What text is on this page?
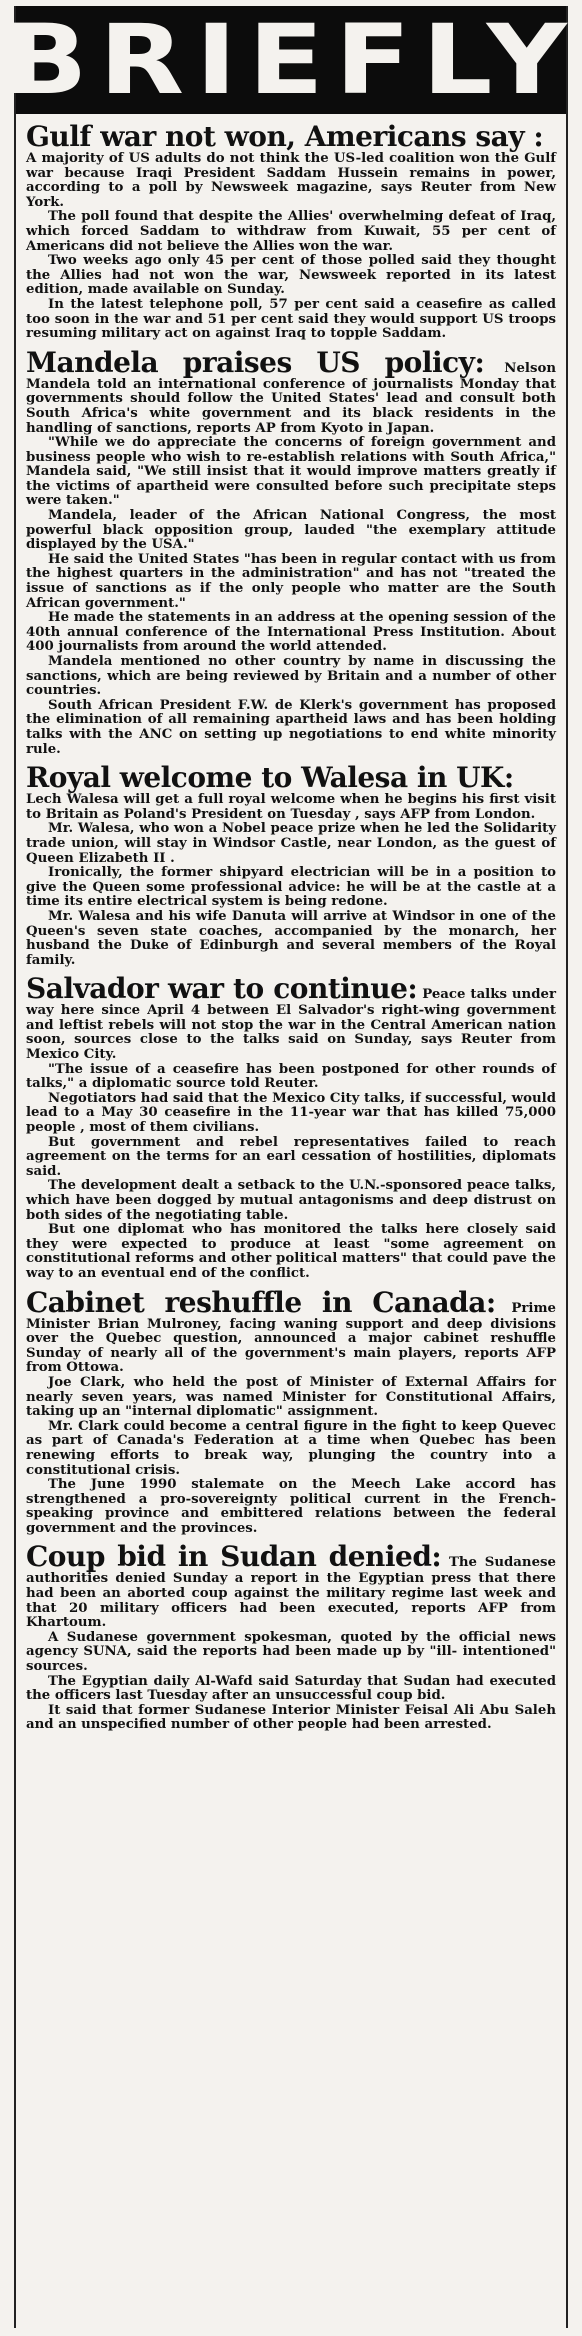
BRIEFLY

Gulf war not won, Americans say :
A majority of US adults do not think the US-led coalition won the Gulf war because Iraqi President Saddam Hussein remains in power, according to a poll by Newsweek magazine, says Reuter from New York.

The poll found that despite the Allies' overwhelming defeat of Iraq, which forced Saddam to withdraw from Kuwait, 55 per cent of Americans did not believe the Allies won the war.

Two weeks ago only 45 per cent of those polled said they thought the Allies had not won the war, Newsweek reported in its latest edition, made available on Sunday.

In the latest telephone poll, 57 per cent said a ceasefire as called too soon in the war and 51 per cent said they would support US troops resuming military act on against Iraq to topple Saddam.

Mandela praises US policy: Nelson Mandela told an international conference of journalists Monday that governments should follow the United States' lead and consult both South Africa's white government and its black residents in the handling of sanctions, reports AP from Kyoto in Japan.

"While we do appreciate the concerns of foreign government and business people who wish to re-establish relations with South Africa," Mandela said, "We still insist that it would improve matters greatly if the victims of apartheid were consulted before such precipitate steps were taken."

Mandela, leader of the African National Congress, the most powerful black opposition group, lauded "the exemplary attitude displayed by the USA."

He said the United States "has been in regular contact with us from the highest quarters in the administration" and has not "treated the issue of sanctions as if the only people who matter are the South African government."

He made the statements in an address at the opening session of the 40th annual conference of the International Press Institution. About 400 journalists from around the world attended.

Mandela mentioned no other country by name in discussing the sanctions, which are being reviewed by Britain and a number of other countries.

South African President F.W. de Klerk's government has proposed the elimination of all remaining apartheid laws and has been holding talks with the ANC on setting up negotiations to end white minority rule.

Royal welcome to Walesa in UK:
Lech Walesa will get a full royal welcome when he begins his first visit to Britain as Poland's President on Tuesday , says AFP from London.

Mr. Walesa, who won a Nobel peace prize when he led the Solidarity trade union, will stay in Windsor Castle, near London, as the guest of Queen Elizabeth II .

Ironically, the former shipyard electrician will be in a position to give the Queen some professional advice: he will be at the castle at a time its entire electrical system is being redone.

Mr. Walesa and his wife Danuta will arrive at Windsor in one of the Queen's seven state coaches, accompanied by the monarch, her husband the Duke of Edinburgh and several members of the Royal family.

Salvador war to continue: Peace talks under way here since April 4 between El Salvador's right-wing government and leftist rebels will not stop the war in the Central American nation soon, sources close to the talks said on Sunday, says Reuter from Mexico City.

"The issue of a ceasefire has been postponed for other rounds of talks," a diplomatic source told Reuter.

Negotiators had said that the Mexico City talks, if successful, would lead to a May 30 ceasefire in the 11-year war that has killed 75,000 people , most of them civilians.

But government and rebel representatives failed to reach agreement on the terms for an earl cessation of hostilities, diplomats said.

The development dealt a setback to the U.N.-sponsored peace talks, which have been dogged by mutual antagonisms and deep distrust on both sides of the negotiating table.

But one diplomat who has monitored the talks here closely said they were expected to produce at least "some agreement on constitutional reforms and other political matters" that could pave the way to an eventual end of the conflict.

Cabinet reshuffle in Canada: Prime Minister Brian Mulroney, facing waning support and deep divisions over the Quebec question, announced a major cabinet reshuffle Sunday of nearly all of the government's main players, reports AFP from Ottowa.

Joe Clark, who held the post of Minister of External Affairs for nearly seven years, was named Minister for Constitutional Affairs, taking up an "internal diplomatic" assignment.

Mr. Clark could become a central figure in the fight to keep Quevec as part of Canada's Federation at a time when Quebec has been renewing efforts to break way, plunging the country into a constitutional crisis.

The June 1990 stalemate on the Meech Lake accord has strengthened a pro-sovereignty political current in the French-speaking province and embittered relations between the federal government and the provinces.

Coup bid in Sudan denied: The Sudanese authorities denied Sunday a report in the Egyptian press that there had been an aborted coup against the military regime last week and that 20 military officers had been executed, reports AFP from Khartoum.

A Sudanese government spokesman, quoted by the official news agency SUNA, said the reports had been made up by "ill- intentioned" sources.

The Egyptian daily Al-Wafd said Saturday that Sudan had executed the officers last Tuesday after an unsuccessful coup bid.

It said that former Sudanese Interior Minister Feisal Ali Abu Saleh and an unspecified number of other people had been arrested.
